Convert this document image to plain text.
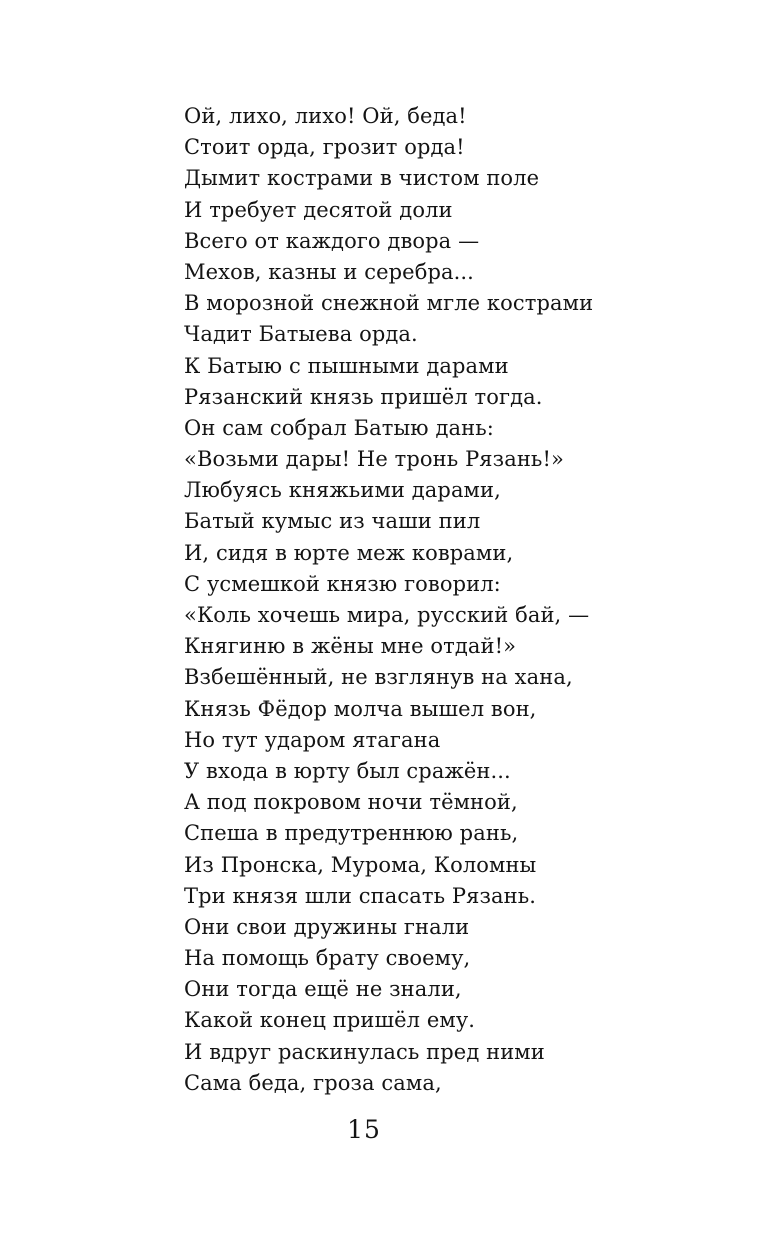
Ой, лихо, лихо! Ой, беда!
Стоит орда, грозит орда!
Дымит кострами в чистом поле
И требует десятой доли
Всего от каждого двора —
Мехов, казны и серебра...
В морозной снежной мгле кострами
Чадит Батыева орда.
К Батыю с пышными дарами
Рязанский князь пришёл тогда.
Он сам собрал Батыю дань:
«Возьми дары! Не тронь Рязань!»
Любуясь княжьими дарами,
Батый кумыс из чаши пил
И, сидя в юрте меж коврами,
С усмешкой князю говорил:
«Коль хочешь мира, русский бай, —
Княгиню в жёны мне отдай!»
Взбешённый, не взглянув на хана,
Князь Фёдор молча вышел вон,
Но тут ударом ятагана
У входа в юрту был сражён...
А под покровом ночи тёмной,
Спеша в предутреннюю рань,
Из Пронска, Мурома, Коломны
Три князя шли спасать Рязань.
Они свои дружины гнали
На помощь брату своему,
Они тогда ещё не знали,
Какой конец пришёл ему.
И вдруг раскинулась пред ними
Сама беда, гроза сама,
15
